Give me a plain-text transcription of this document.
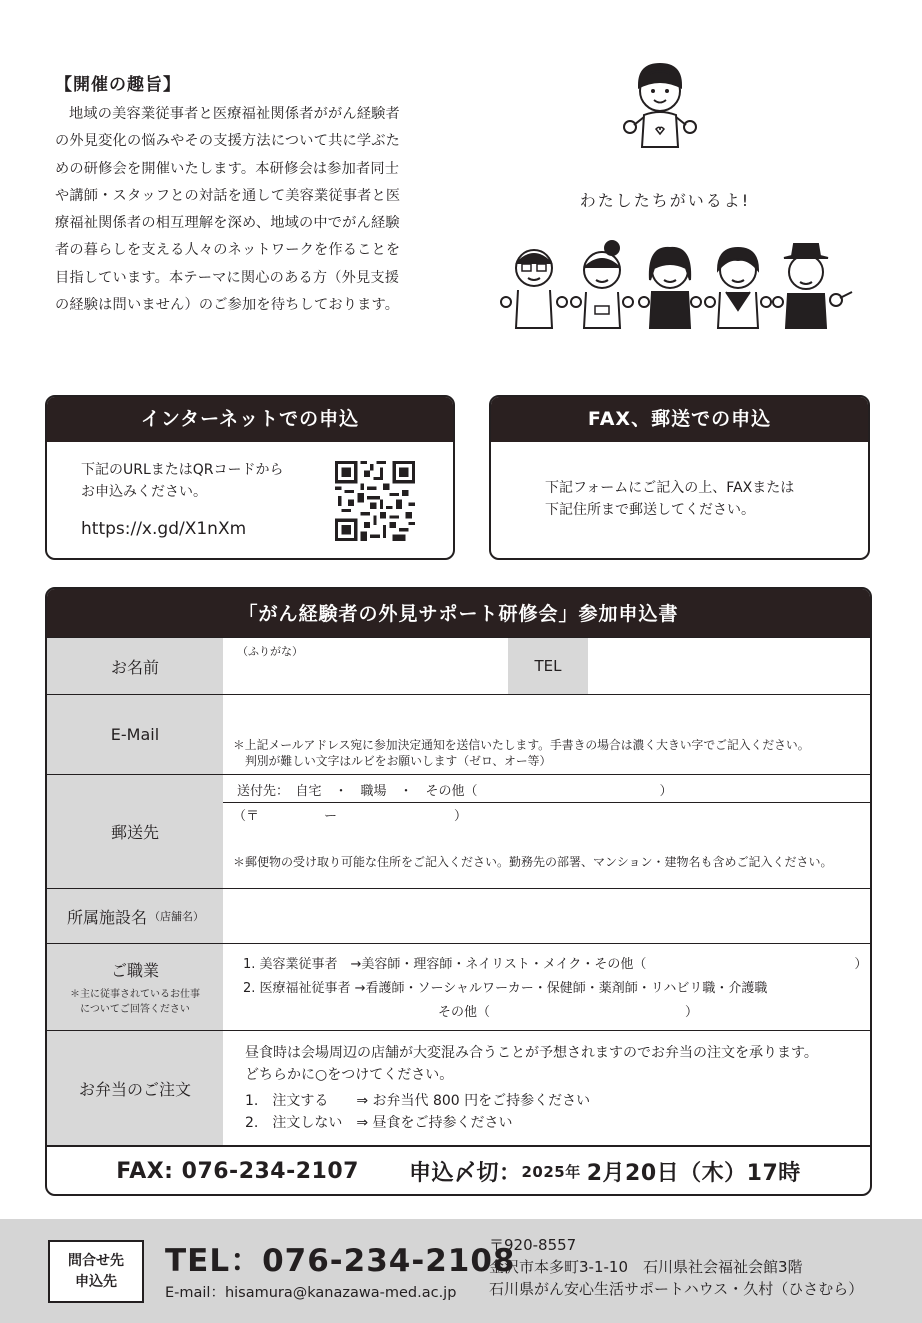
【開催の趣旨】
地域の美容業従事者と医療福祉関係者ががん経験者
の外見変化の悩みやその支援方法について共に学ぶた
めの研修会を開催いたします。本研修会は参加者同士
や講師・スタッフとの対話を通して美容業従事者と医
療福祉関係者の相互理解を深め、地域の中でがん経験
者の暮らしを支える人々のネットワークを作ることを
目指しています。本テーマに関心のある方（外見支援
の経験は問いません）のご参加を待ちしております。
わたしたちがいるよ!
インターネットでの申込
下記のURLまたはQRコードから
お申込みください。
https://x.gd/X1nXm
FAX、郵送での申込
下記フォームにご記入の上、FAXまたは
下記住所まで郵送してください。
「がん経験者の外見サポート研修会」参加申込書
お名前
（ふりがな）
TEL
E-Mail
＊上記メールアドレス宛に参加決定通知を送信いたします。手書きの場合は濃く大きい字でご記入ください。
判別が難しい文字はルビをお願いします（ゼロ、オー等）
郵送先
送付先：　自宅　・　職場　・　その他（　　　　　　　　　　　　　　）
（〒　　　　　ー　　　　　　　　　）
＊郵便物の受け取り可能な住所をご記入ください。勤務先の部署、マンション・建物名も含めご記入ください。
所属施設名 （店舗名）
ご職業
＊主に従事されているお仕事
についてご回答ください
1. 美容業従事者　→美容師・理容師・ネイリスト・メイク・その他（　　　　　　　　　　　　　　　　）
2. 医療福祉従事者 →看護師・ソーシャルワーカー・保健師・薬剤師・リハビリ職・介護職
　　　　　　　　　　　　　　　その他（　　　　　　　　　　　　　　　）
お弁当のご注文
昼食時は会場周辺の店舗が大変混み合うことが予想されますのでお弁当の注文を承ります。
どちらかに○をつけてください。
1.　注文する　　⇒ お弁当代 800 円をご持参ください
2.　注文しない　⇒ 昼食をご持参ください
FAX: 076-234-2107 申込〆切： 2025年 2月20日（木）17時
問合せ先
申込先
TEL：076-234-2108
E-mail：hisamura@kanazawa-med.ac.jp
〒920-8557
金沢市本多町3-1-10　石川県社会福祉会館3階
石川県がん安心生活サポートハウス・久村（ひさむら）
